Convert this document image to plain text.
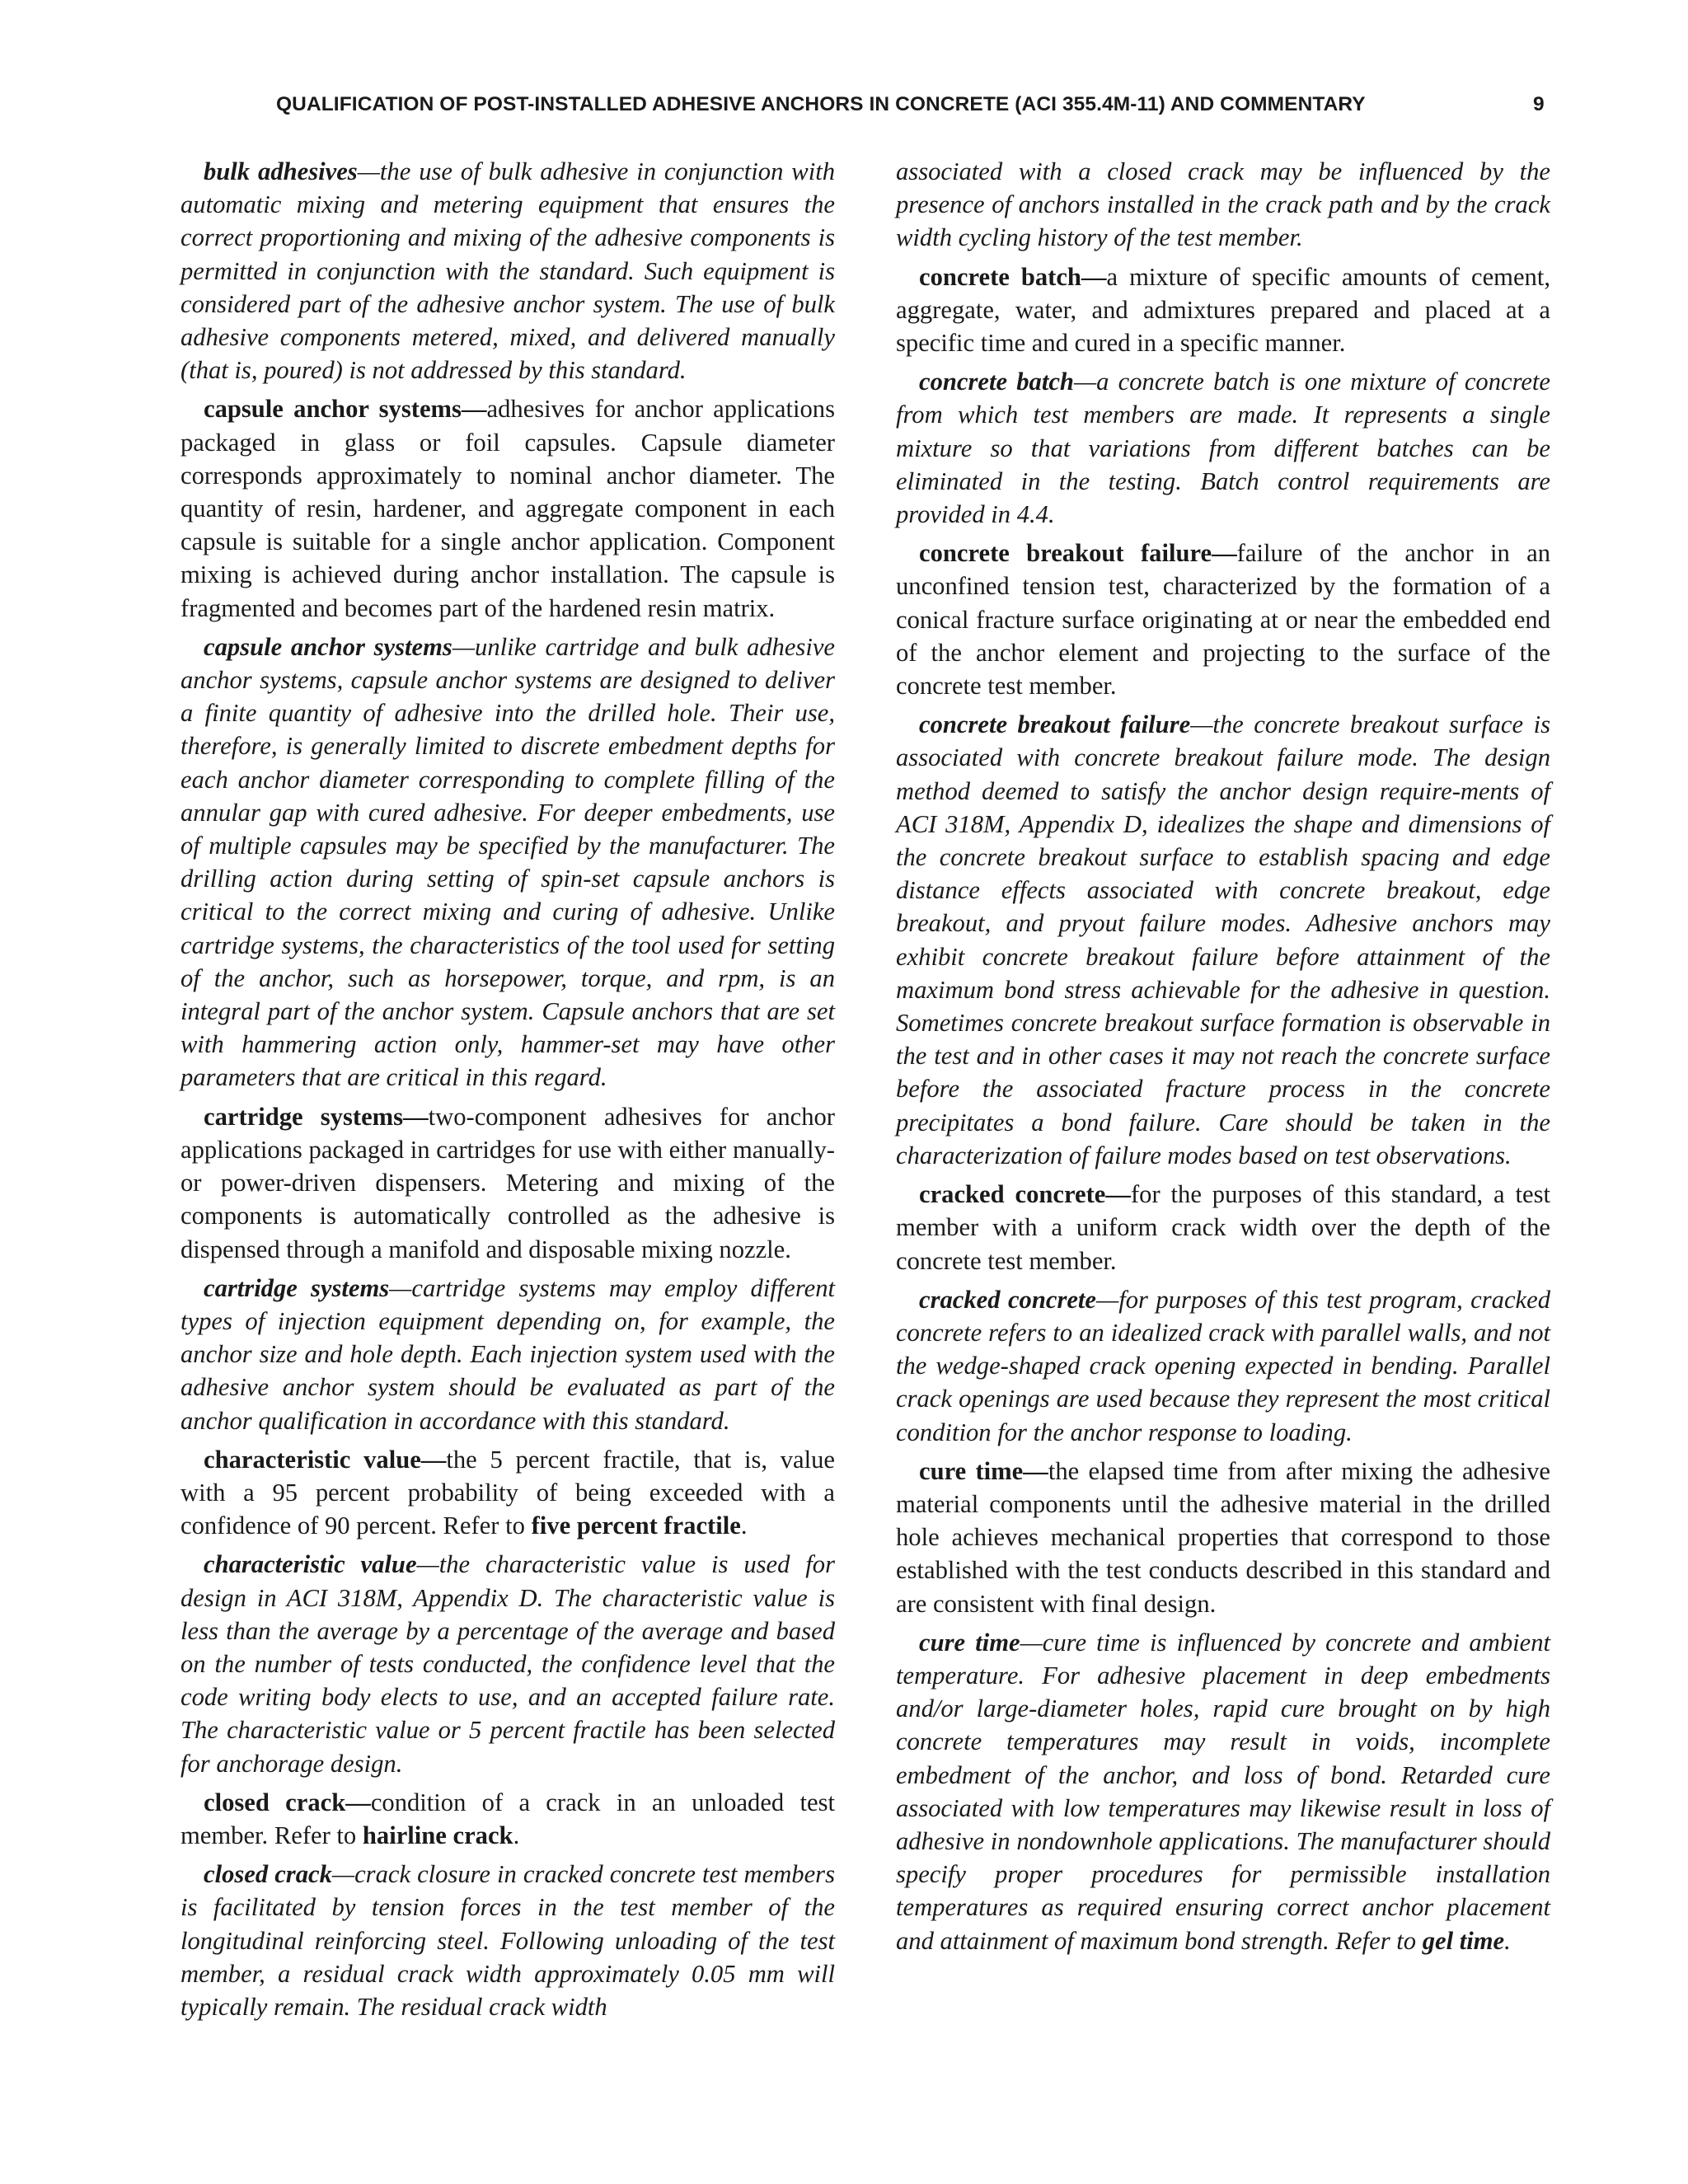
QUALIFICATION OF POST-INSTALLED ADHESIVE ANCHORS IN CONCRETE (ACI 355.4M-11) AND COMMENTARY	9

bulk adhesives—the use of bulk adhesive in conjunction with automatic mixing and metering equipment that ensures the correct proportioning and mixing of the adhesive components is permitted in conjunction with the standard. Such equipment is considered part of the adhesive anchor system. The use of bulk adhesive components metered, mixed, and delivered manually (that is, poured) is not addressed by this standard.

capsule anchor systems—adhesives for anchor applications packaged in glass or foil capsules. Capsule diameter corresponds approximately to nominal anchor diameter. The quantity of resin, hardener, and aggregate component in each capsule is suitable for a single anchor application. Component mixing is achieved during anchor installation. The capsule is fragmented and becomes part of the hardened resin matrix.

capsule anchor systems—unlike cartridge and bulk adhesive anchor systems, capsule anchor systems are designed to deliver a finite quantity of adhesive into the drilled hole. Their use, therefore, is generally limited to discrete embedment depths for each anchor diameter corresponding to complete filling of the annular gap with cured adhesive. For deeper embedments, use of multiple capsules may be specified by the manufacturer. The drilling action during setting of spin-set capsule anchors is critical to the correct mixing and curing of adhesive. Unlike cartridge systems, the characteristics of the tool used for setting of the anchor, such as horsepower, torque, and rpm, is an integral part of the anchor system. Capsule anchors that are set with hammering action only, hammer-set may have other parameters that are critical in this regard.

cartridge systems—two-component adhesives for anchor applications packaged in cartridges for use with either manually- or power-driven dispensers. Metering and mixing of the components is automatically controlled as the adhesive is dispensed through a manifold and disposable mixing nozzle.

cartridge systems—cartridge systems may employ different types of injection equipment depending on, for example, the anchor size and hole depth. Each injection system used with the adhesive anchor system should be evaluated as part of the anchor qualification in accordance with this standard.

characteristic value—the 5 percent fractile, that is, value with a 95 percent probability of being exceeded with a confidence of 90 percent. Refer to five percent fractile.

characteristic value—the characteristic value is used for design in ACI 318M, Appendix D. The characteristic value is less than the average by a percentage of the average and based on the number of tests conducted, the confidence level that the code writing body elects to use, and an accepted failure rate. The characteristic value or 5 percent fractile has been selected for anchorage design.

closed crack—condition of a crack in an unloaded test member. Refer to hairline crack.

closed crack—crack closure in cracked concrete test members is facilitated by tension forces in the test member of the longitudinal reinforcing steel. Following unloading of the test member, a residual crack width approximately 0.05 mm will typically remain. The residual crack width

associated with a closed crack may be influenced by the presence of anchors installed in the crack path and by the crack width cycling history of the test member.

concrete batch—a mixture of specific amounts of cement, aggregate, water, and admixtures prepared and placed at a specific time and cured in a specific manner.

concrete batch—a concrete batch is one mixture of concrete from which test members are made. It represents a single mixture so that variations from different batches can be eliminated in the testing. Batch control requirements are provided in 4.4.

concrete breakout failure—failure of the anchor in an unconfined tension test, characterized by the formation of a conical fracture surface originating at or near the embedded end of the anchor element and projecting to the surface of the concrete test member.

concrete breakout failure—the concrete breakout surface is associated with concrete breakout failure mode. The design method deemed to satisfy the anchor design require-ments of ACI 318M, Appendix D, idealizes the shape and dimensions of the concrete breakout surface to establish spacing and edge distance effects associated with concrete breakout, edge breakout, and pryout failure modes. Adhesive anchors may exhibit concrete breakout failure before attainment of the maximum bond stress achievable for the adhesive in question. Sometimes concrete breakout surface formation is observable in the test and in other cases it may not reach the concrete surface before the associated fracture process in the concrete precipitates a bond failure. Care should be taken in the characterization of failure modes based on test observations.

cracked concrete—for the purposes of this standard, a test member with a uniform crack width over the depth of the concrete test member.

cracked concrete—for purposes of this test program, cracked concrete refers to an idealized crack with parallel walls, and not the wedge-shaped crack opening expected in bending. Parallel crack openings are used because they represent the most critical condition for the anchor response to loading.

cure time—the elapsed time from after mixing the adhesive material components until the adhesive material in the drilled hole achieves mechanical properties that correspond to those established with the test conducts described in this standard and are consistent with final design.

cure time—cure time is influenced by concrete and ambient temperature. For adhesive placement in deep embedments and/or large-diameter holes, rapid cure brought on by high concrete temperatures may result in voids, incomplete embedment of the anchor, and loss of bond. Retarded cure associated with low temperatures may likewise result in loss of adhesive in nondownhole applications. The manufacturer should specify proper procedures for permissible installation temperatures as required ensuring correct anchor placement and attainment of maximum bond strength. Refer to gel time.
